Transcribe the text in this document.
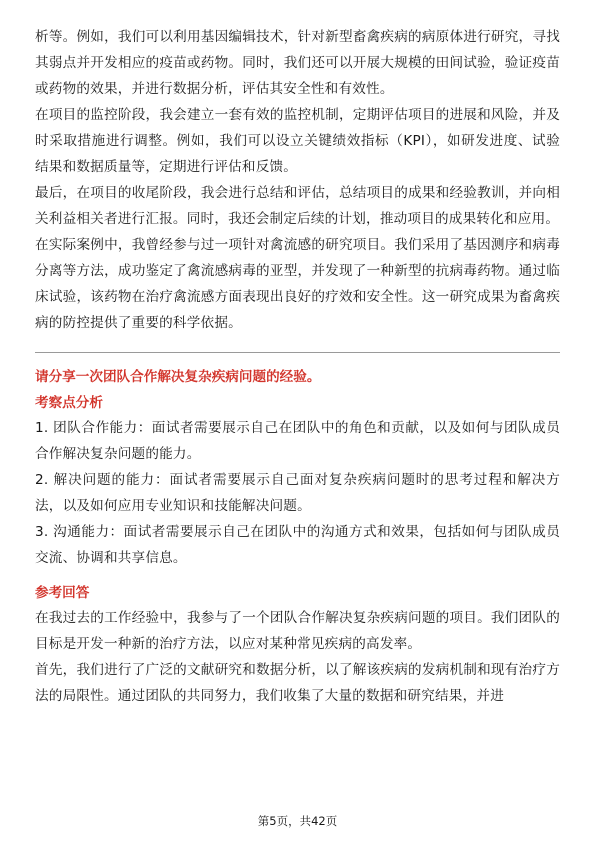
析等。例如，我们可以利用基因编辑技术，针对新型畜禽疾病的病原体进行研究，寻找其弱点并开发相应的疫苗或药物。同时，我们还可以开展大规模的田间试验，验证疫苗或药物的效果，并进行数据分析，评估其安全性和有效性。

在项目的监控阶段，我会建立一套有效的监控机制，定期评估项目的进展和风险，并及时采取措施进行调整。例如，我们可以设立关键绩效指标（KPI），如研发进度、试验结果和数据质量等，定期进行评估和反馈。

最后，在项目的收尾阶段，我会进行总结和评估，总结项目的成果和经验教训，并向相关利益相关者进行汇报。同时，我还会制定后续的计划，推动项目的成果转化和应用。

在实际案例中，我曾经参与过一项针对禽流感的研究项目。我们采用了基因测序和病毒分离等方法，成功鉴定了禽流感病毒的亚型，并发现了一种新型的抗病毒药物。通过临床试验，该药物在治疗禽流感方面表现出良好的疗效和安全性。这一研究成果为畜禽疾病的防控提供了重要的科学依据。

请分享一次团队合作解决复杂疾病问题的经验。

考察点分析

1. 团队合作能力：面试者需要展示自己在团队中的角色和贡献，以及如何与团队成员合作解决复杂问题的能力。

2. 解决问题的能力：面试者需要展示自己面对复杂疾病问题时的思考过程和解决方法，以及如何应用专业知识和技能解决问题。

3. 沟通能力：面试者需要展示自己在团队中的沟通方式和效果，包括如何与团队成员交流、协调和共享信息。

参考回答

在我过去的工作经验中，我参与了一个团队合作解决复杂疾病问题的项目。我们团队的目标是开发一种新的治疗方法，以应对某种常见疾病的高发率。

首先，我们进行了广泛的文献研究和数据分析，以了解该疾病的发病机制和现有治疗方法的局限性。通过团队的共同努力，我们收集了大量的数据和研究结果，并进

第5页，共42页
